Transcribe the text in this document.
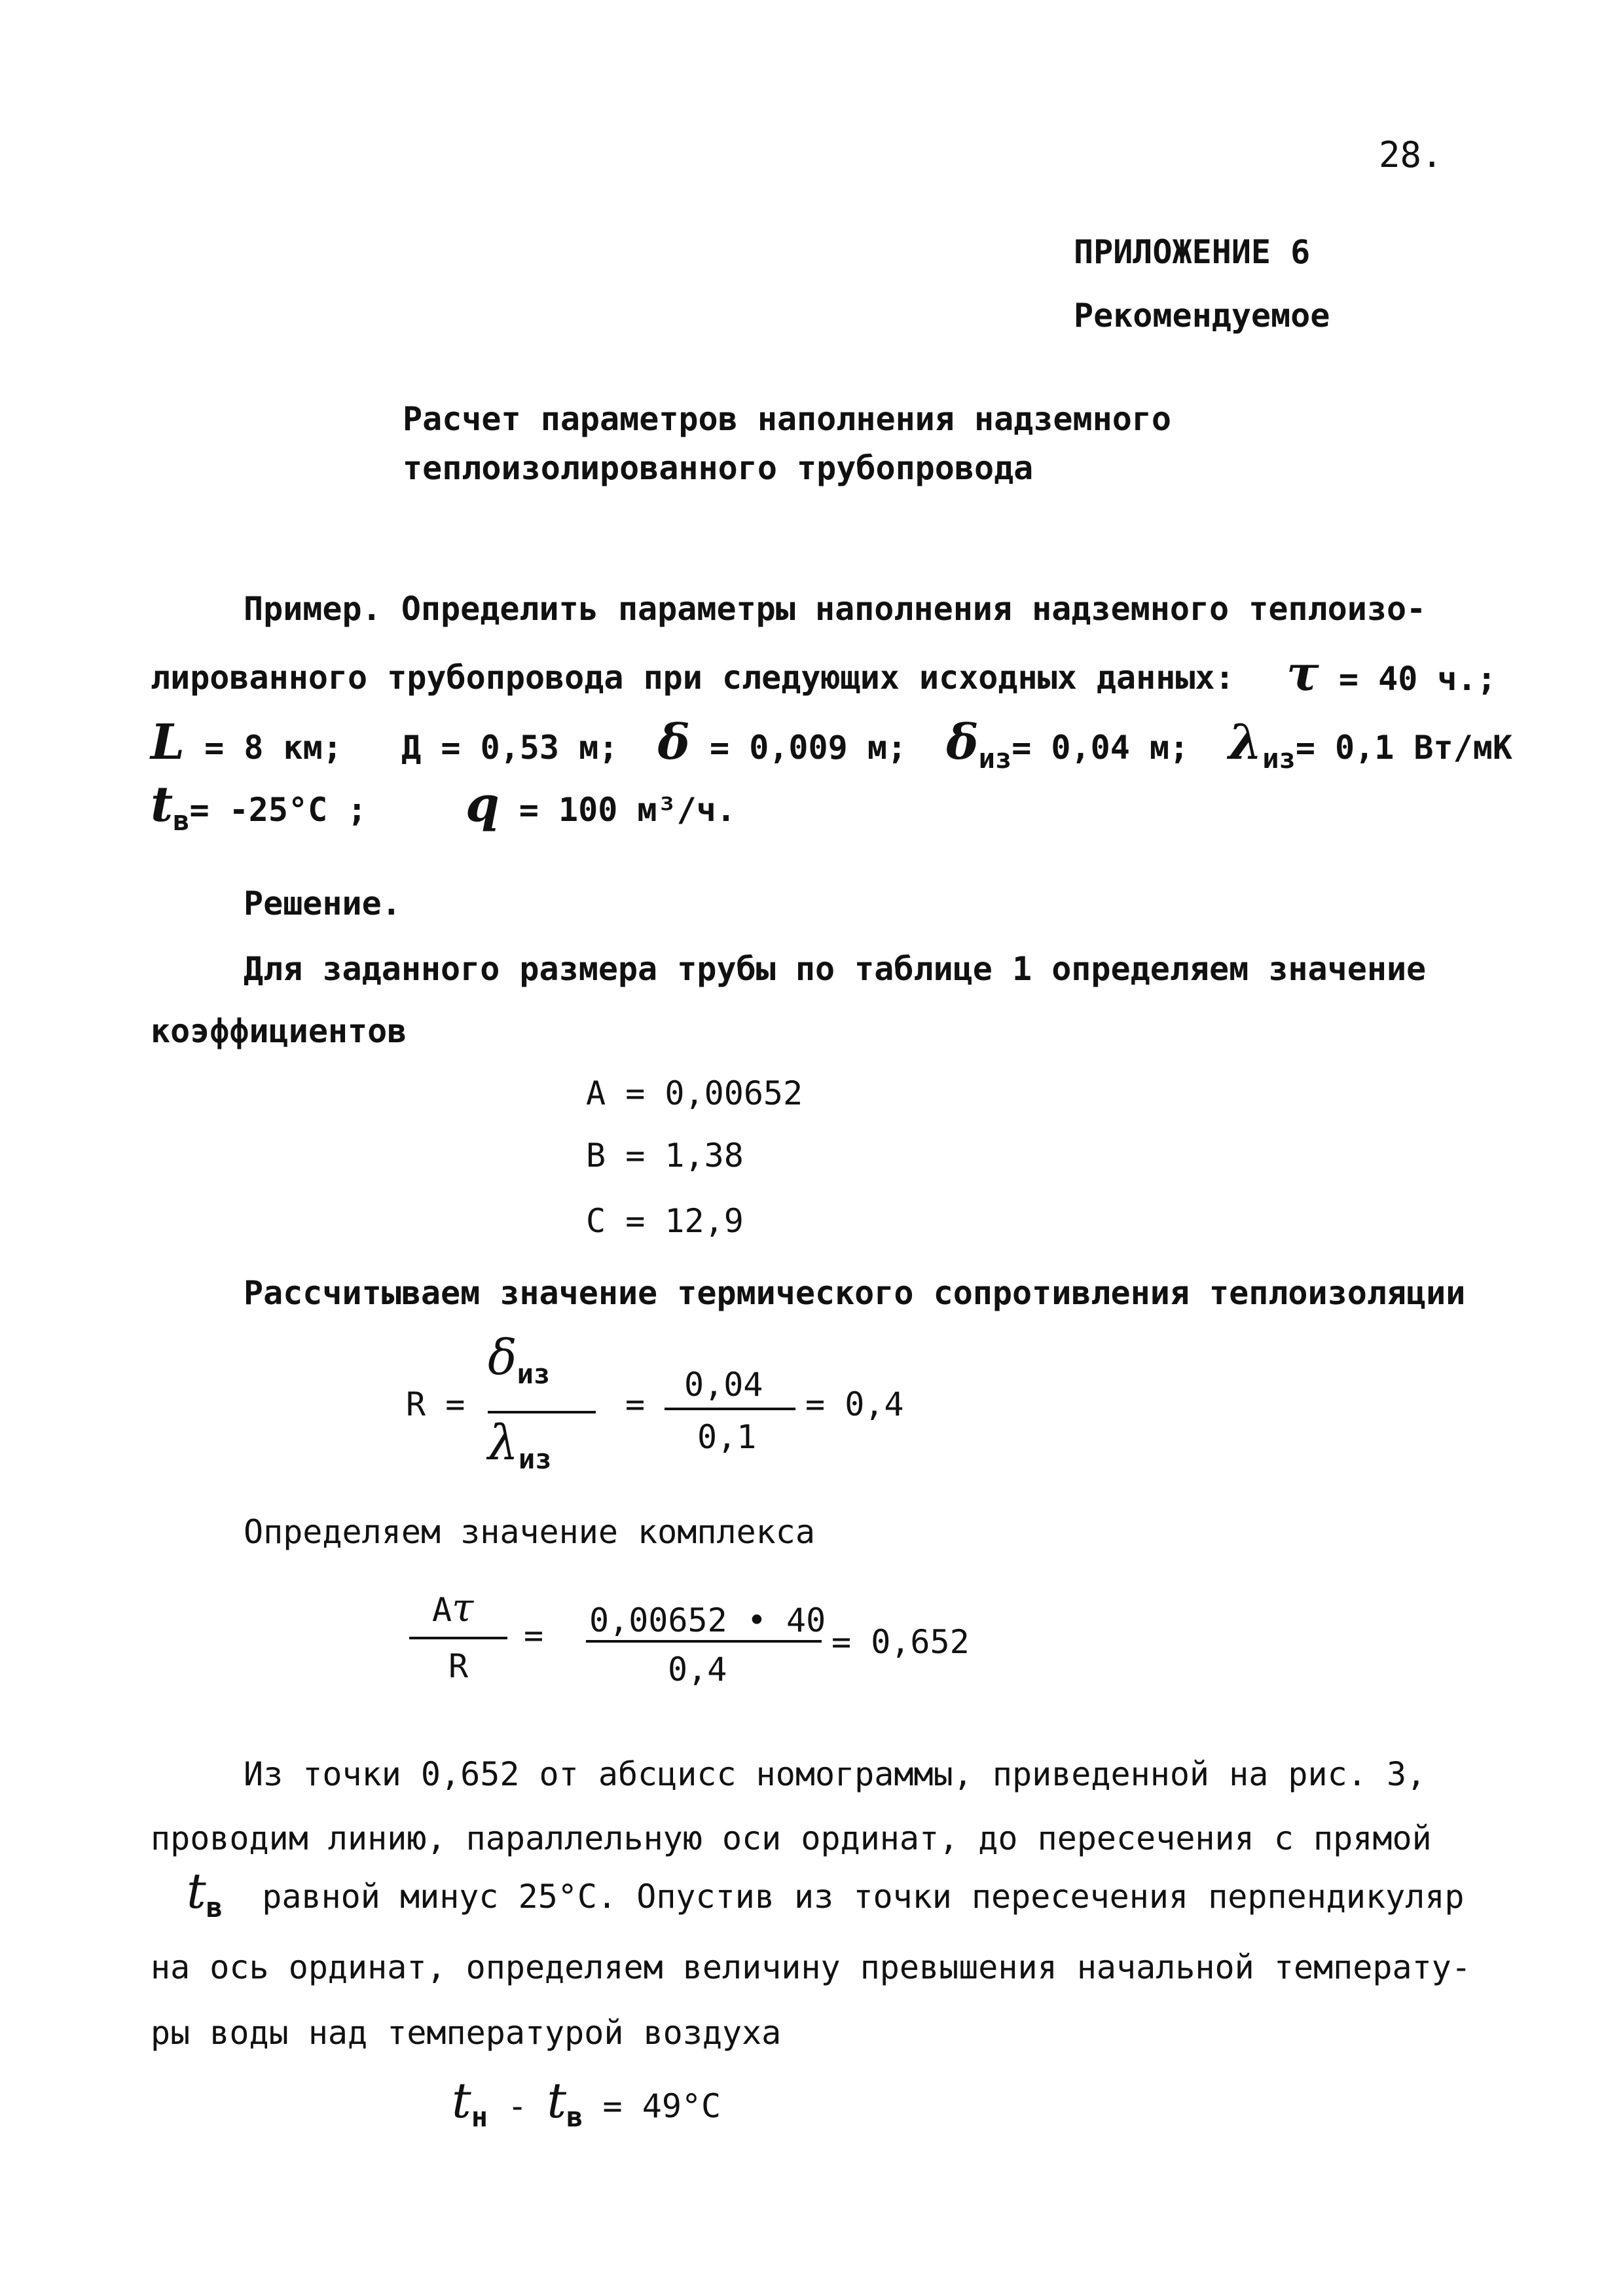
28.
ПРИЛОЖЕНИЕ 6
Рекомендуемое
Расчет параметров наполнения надземного
теплоизолированного трубопровода
Пример. Определить параметры наполнения надземного теплоизо-
лированного трубопровода при следующих исходных данных: τ = 40 ч.;
L = 8 км; Д = 0,53 м; δ = 0,009 м; $\delta_{из}= 0,04$ м; $\lambda_{из}= 0,1$ Вт/мК
$t_в= -25^\circ C$ ; q = 100 м³/ч.
Решение.
Для заданного размера трубы по таблице 1 определяем значение
коэффициентов
A = 0,00652
B = 1,38
C = 12,9
Рассчитываем значение термического сопротивления теплоизоляции
R =
$\delta_{из}$
$\lambda_{из}$
=
0,04
0,1
= 0,4
Определяем значение комплекса
Aτ
R
= 0,00652 • 40
0,4
= 0,652
Из точки 0,652 от абсцисс номограммы, приведенной на рис. 3,
проводим линию, параллельную оси ординат, до пересечения с прямой
$t_в$ равной минус 25°C. Опустив из точки пересечения перпендикуляр
на ось ординат, определяем величину превышения начальной температу-
ры воды над температурой воздуха
$t_н - t_в = 49^\circ C$
